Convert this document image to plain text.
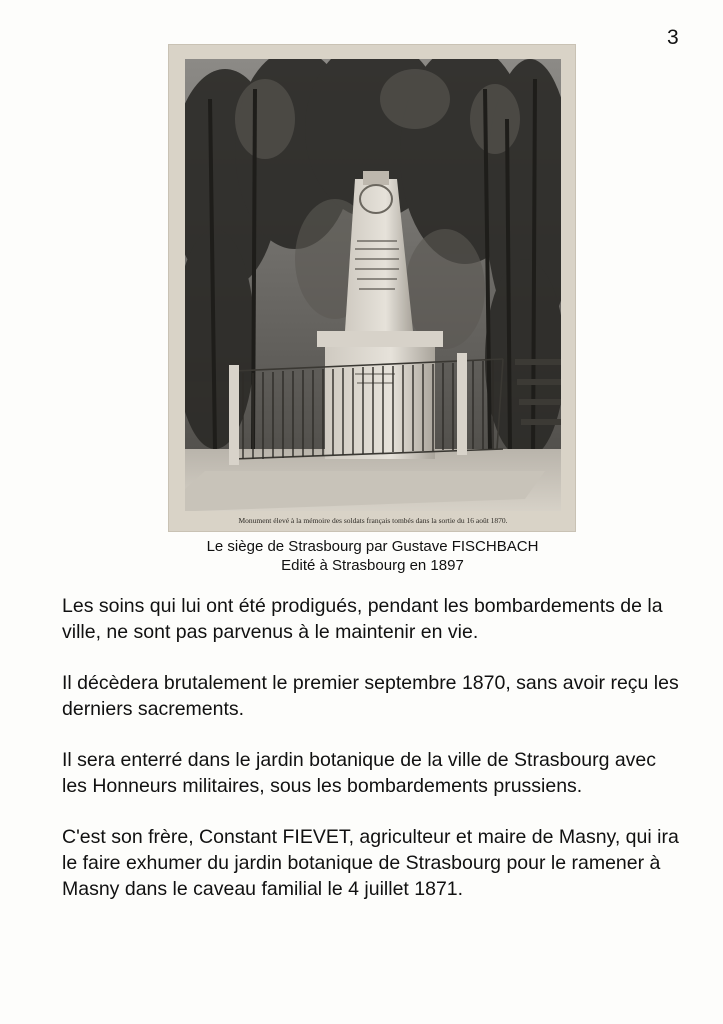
3
Monument élevé à la mémoire des soldats français tombés dans la sortie du 16 août 1870.
Le siège de Strasbourg par Gustave FISCHBACH
Edité à Strasbourg en 1897

Les soins qui lui ont été prodigués, pendant les bombardements de la ville, ne sont pas parvenus à le maintenir en vie.

Il décèdera brutalement le premier septembre 1870, sans avoir reçu les derniers sacrements.

Il sera enterré dans le jardin botanique de la ville de Strasbourg avec les Honneurs militaires, sous les bombardements prussiens.

C'est son frère, Constant FIEVET, agriculteur et maire de Masny, qui ira le faire exhumer du jardin botanique de Strasbourg pour le ramener à Masny dans le caveau familial le 4 juillet 1871.
